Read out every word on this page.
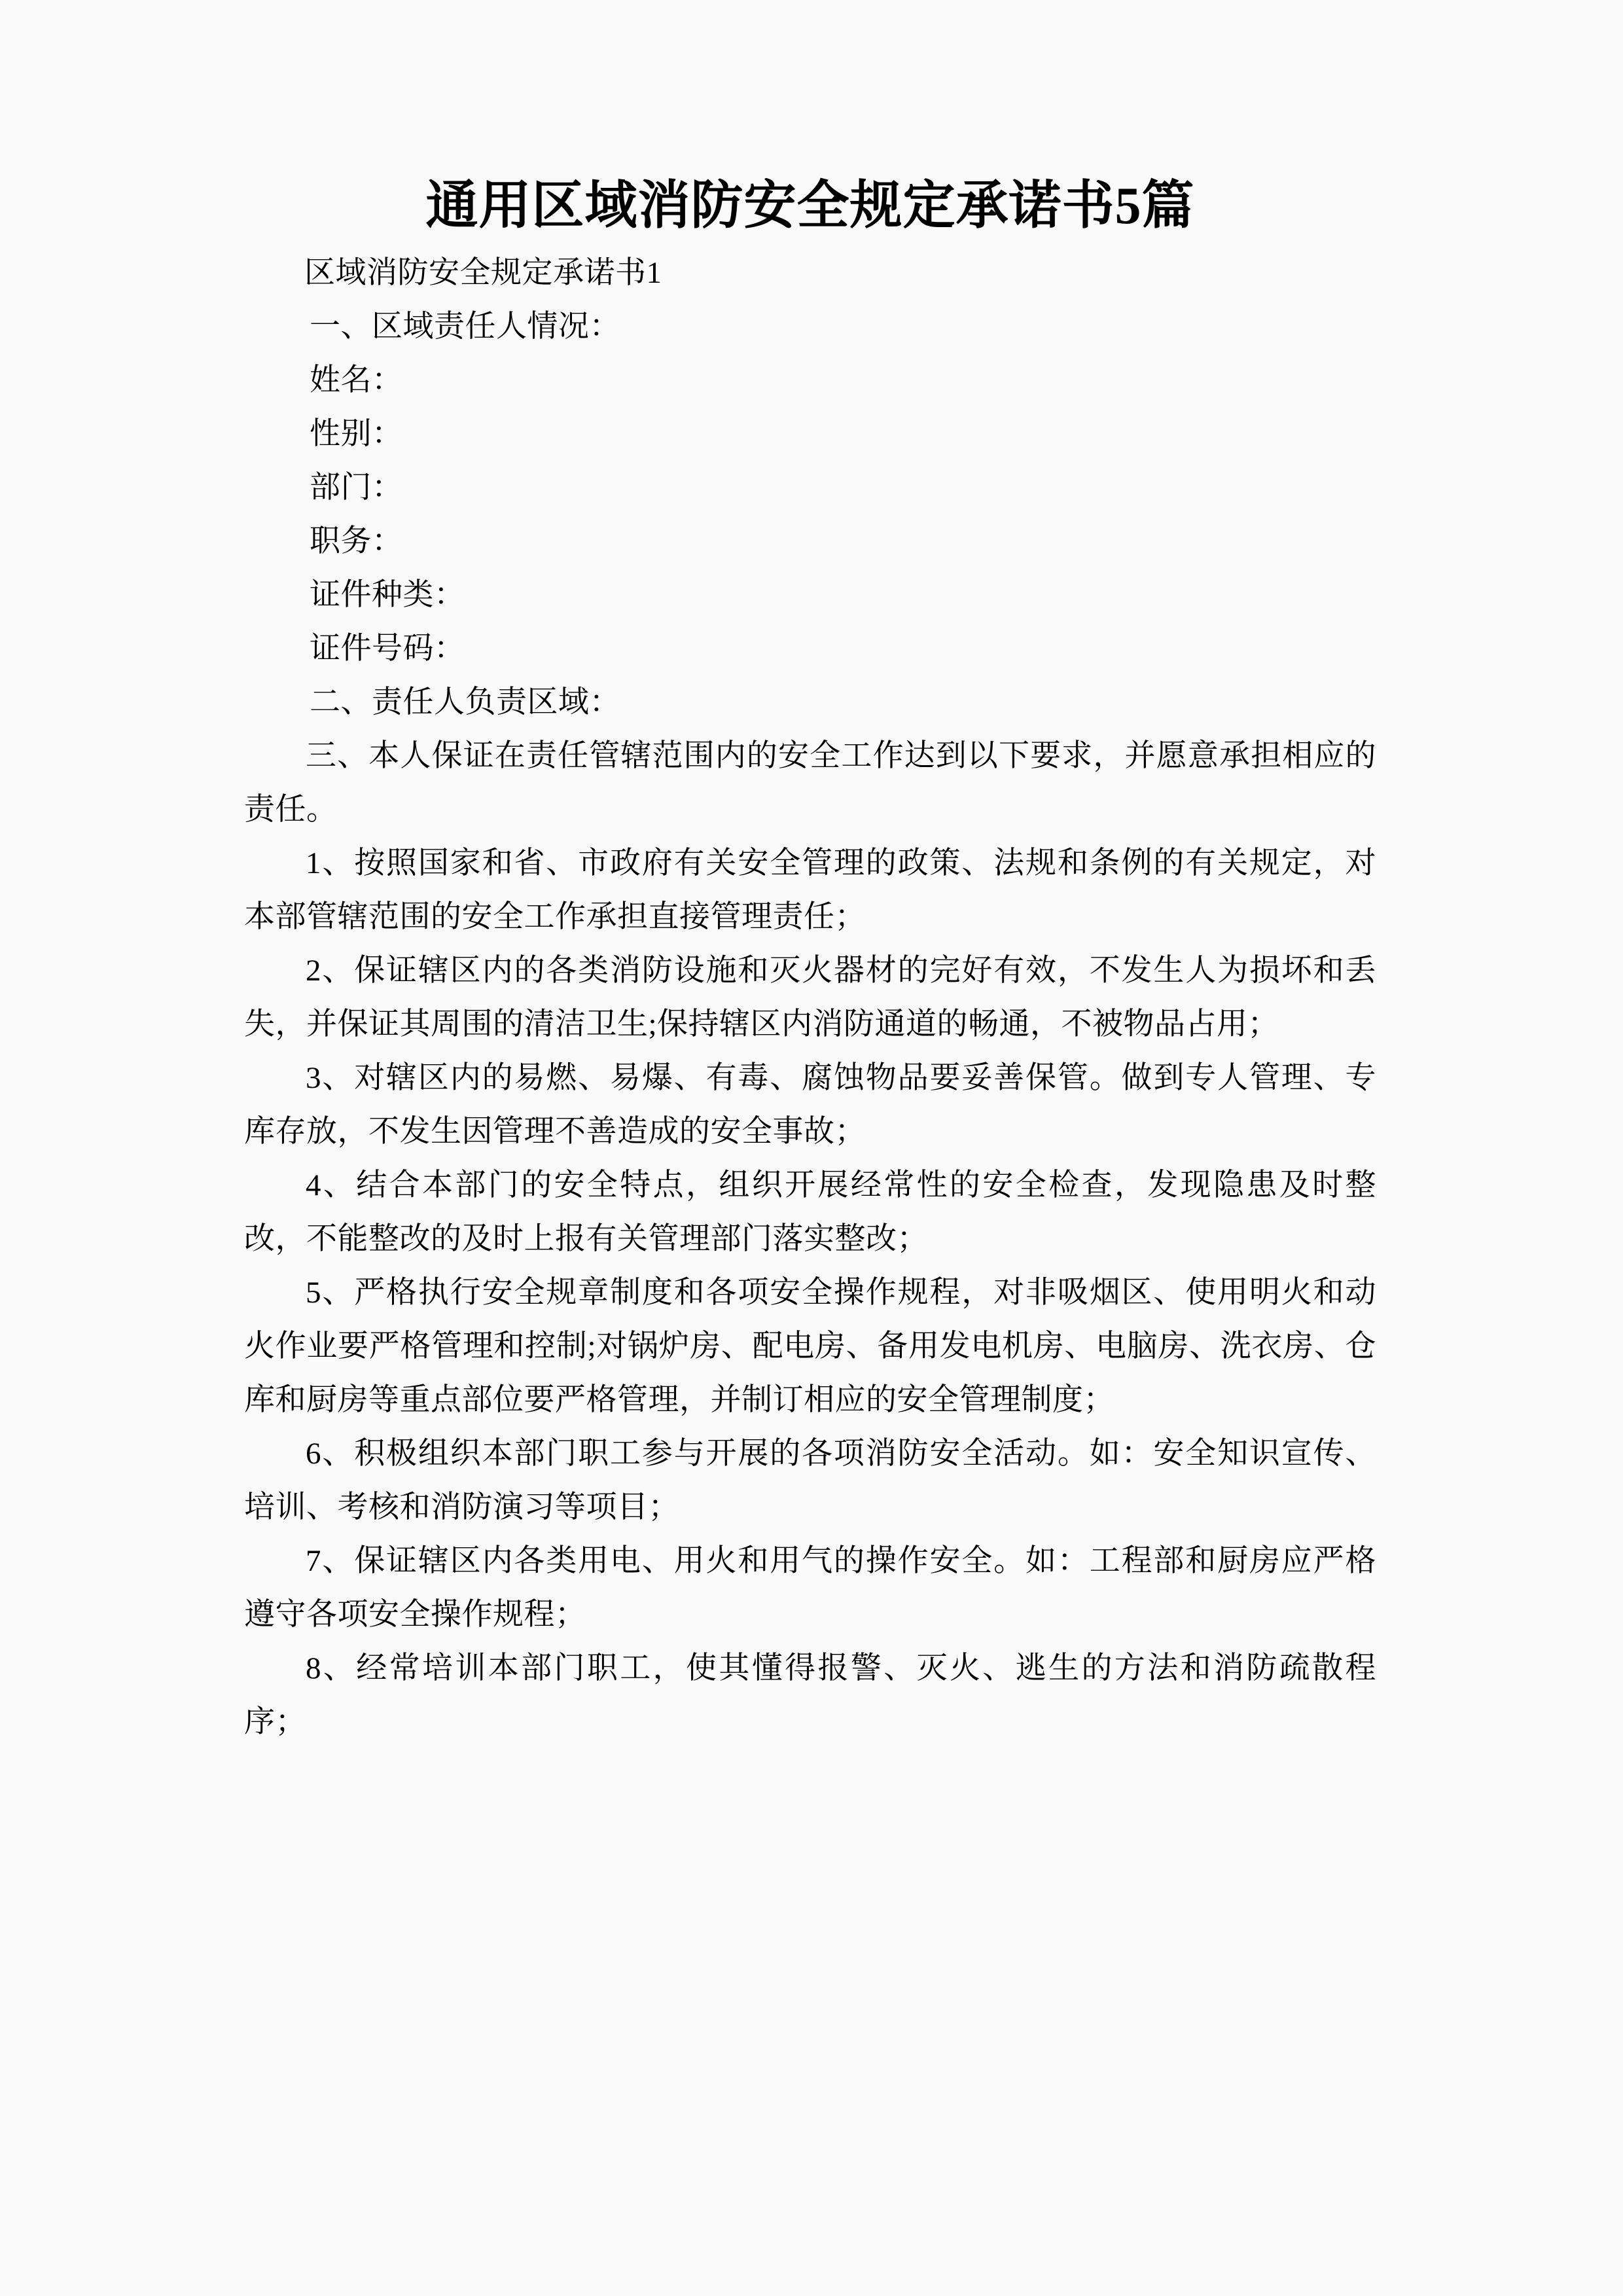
通用区域消防安全规定承诺书5篇

区域消防安全规定承诺书1

一、区域责任人情况：

姓名：

性别：

部门：

职务：

证件种类：

证件号码：

二、责任人负责区域：

三、本人保证在责任管辖范围内的安全工作达到以下要求，并愿意承担相应的责任。

1、按照国家和省、市政府有关安全管理的政策、法规和条例的有关规定，对本部管辖范围的安全工作承担直接管理责任；

2、保证辖区内的各类消防设施和灭火器材的完好有效，不发生人为损坏和丢失，并保证其周围的清洁卫生;保持辖区内消防通道的畅通，不被物品占用；

3、对辖区内的易燃、易爆、有毒、腐蚀物品要妥善保管。做到专人管理、专库存放，不发生因管理不善造成的安全事故；

4、结合本部门的安全特点，组织开展经常性的安全检查，发现隐患及时整改，不能整改的及时上报有关管理部门落实整改；

5、严格执行安全规章制度和各项安全操作规程，对非吸烟区、使用明火和动火作业要严格管理和控制;对锅炉房、配电房、备用发电机房、电脑房、洗衣房、仓库和厨房等重点部位要严格管理，并制订相应的安全管理制度；

6、积极组织本部门职工参与开展的各项消防安全活动。如：安全知识宣传、培训、考核和消防演习等项目；

7、保证辖区内各类用电、用火和用气的操作安全。如：工程部和厨房应严格遵守各项安全操作规程；

8、经常培训本部门职工，使其懂得报警、灭火、逃生的方法和消防疏散程序；
